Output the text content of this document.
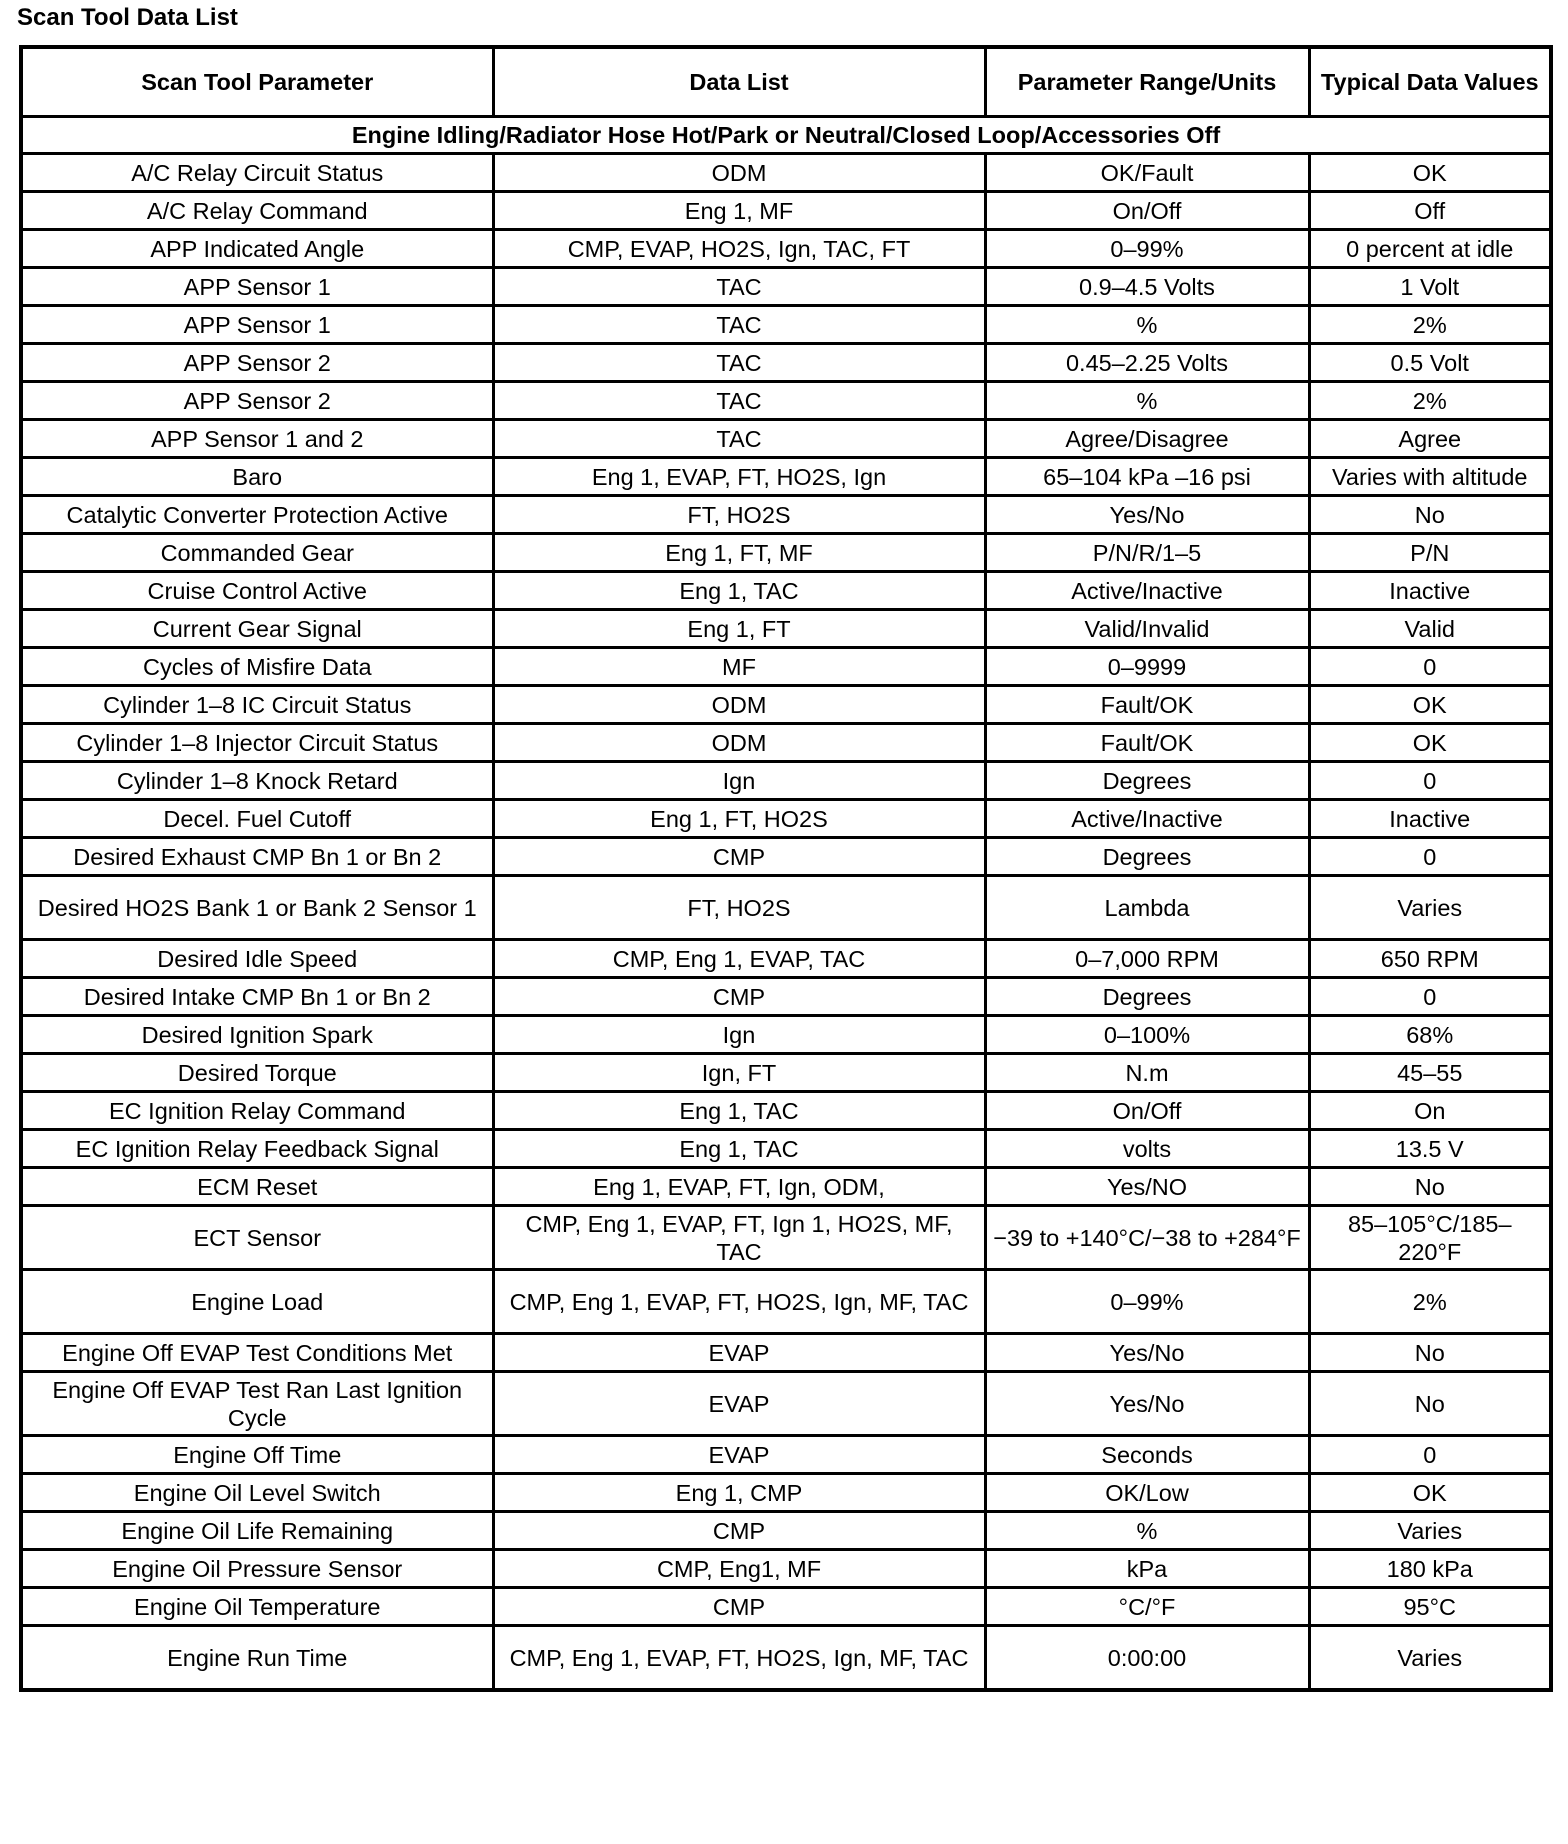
Scan Tool Data List
Scan Tool Parameter	Data List	Parameter Range/Units	Typical Data Values
Engine Idling/Radiator Hose Hot/Park or Neutral/Closed Loop/Accessories Off			
A/C Relay Circuit Status	ODM	OK/Fault	OK
A/C Relay Command	Eng 1, MF	On/Off	Off
APP Indicated Angle	CMP, EVAP, HO2S, Ign, TAC, FT	0–99%	0 percent at idle
APP Sensor 1	TAC	0.9–4.5 Volts	1 Volt
APP Sensor 1	TAC	%	2%
APP Sensor 2	TAC	0.45–2.25 Volts	0.5 Volt
APP Sensor 2	TAC	%	2%
APP Sensor 1 and 2	TAC	Agree/Disagree	Agree
Baro	Eng 1, EVAP, FT, HO2S, Ign	65–104 kPa –16 psi	Varies with altitude
Catalytic Converter Protection Active	FT, HO2S	Yes/No	No
Commanded Gear	Eng 1, FT, MF	P/N/R/1–5	P/N
Cruise Control Active	Eng 1, TAC	Active/Inactive	Inactive
Current Gear Signal	Eng 1, FT	Valid/Invalid	Valid
Cycles of Misfire Data	MF	0–9999	0
Cylinder 1–8 IC Circuit Status	ODM	Fault/OK	OK
Cylinder 1–8 Injector Circuit Status	ODM	Fault/OK	OK
Cylinder 1–8 Knock Retard	Ign	Degrees	0
Decel. Fuel Cutoff	Eng 1, FT, HO2S	Active/Inactive	Inactive
Desired Exhaust CMP Bn 1 or Bn 2	CMP	Degrees	0
Desired HO2S Bank 1 or Bank 2 Sensor 1	FT, HO2S	Lambda	Varies
Desired Idle Speed	CMP, Eng 1, EVAP, TAC	0–7,000 RPM	650 RPM
Desired Intake CMP Bn 1 or Bn 2	CMP	Degrees	0
Desired Ignition Spark	Ign	0–100%	68%
Desired Torque	Ign, FT	N.m	45–55
EC Ignition Relay Command	Eng 1, TAC	On/Off	On
EC Ignition Relay Feedback Signal	Eng 1, TAC	volts	13.5 V
ECM Reset	Eng 1, EVAP, FT, Ign, ODM,	Yes/NO	No
ECT Sensor	CMP, Eng 1, EVAP, FT, Ign 1, HO2S, MF, TAC	−39 to +140°C/−38 to +284°F	85–105°C/185–220°F
Engine Load	CMP, Eng 1, EVAP, FT, HO2S, Ign, MF, TAC	0–99%	2%
Engine Off EVAP Test Conditions Met	EVAP	Yes/No	No
Engine Off EVAP Test Ran Last Ignition Cycle	EVAP	Yes/No	No
Engine Off Time	EVAP	Seconds	0
Engine Oil Level Switch	Eng 1, CMP	OK/Low	OK
Engine Oil Life Remaining	CMP	%	Varies
Engine Oil Pressure Sensor	CMP, Eng1, MF	kPa	180 kPa
Engine Oil Temperature	CMP	°C/°F	95°C
Engine Run Time	CMP, Eng 1, EVAP, FT, HO2S, Ign, MF, TAC	0:00:00	Varies
